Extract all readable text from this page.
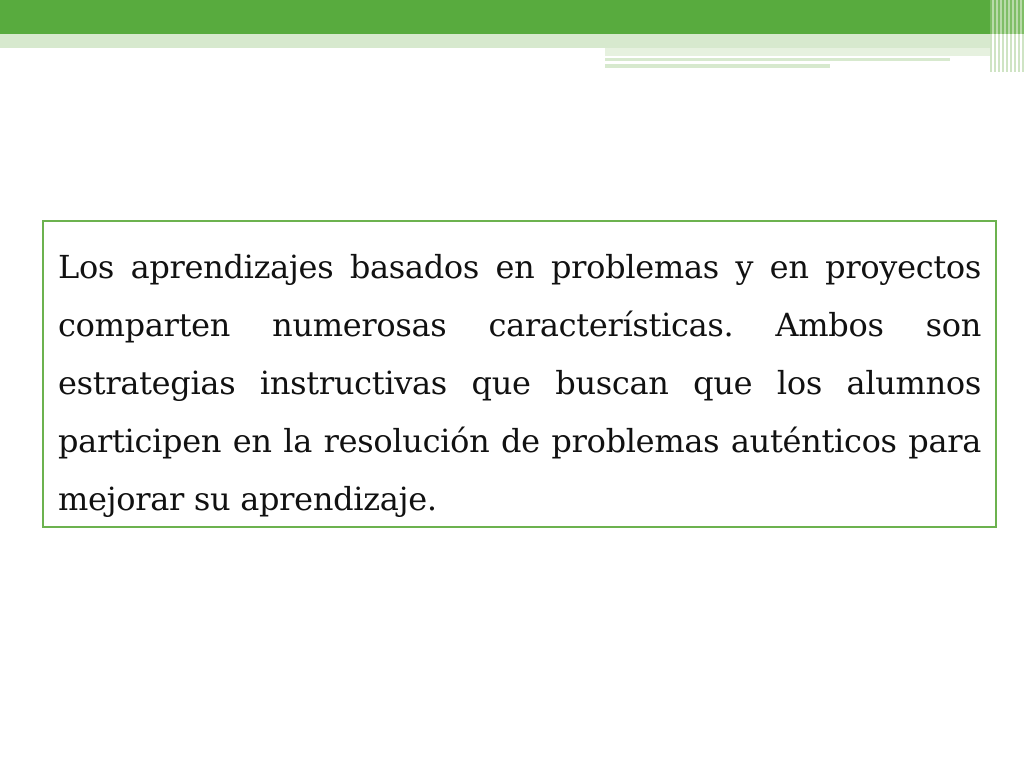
Los aprendizajes basados en problemas y en proyectos comparten numerosas características. Ambos son estrategias instructivas que buscan que los alumnos participen en la resolución de problemas auténticos para mejorar su aprendizaje.
